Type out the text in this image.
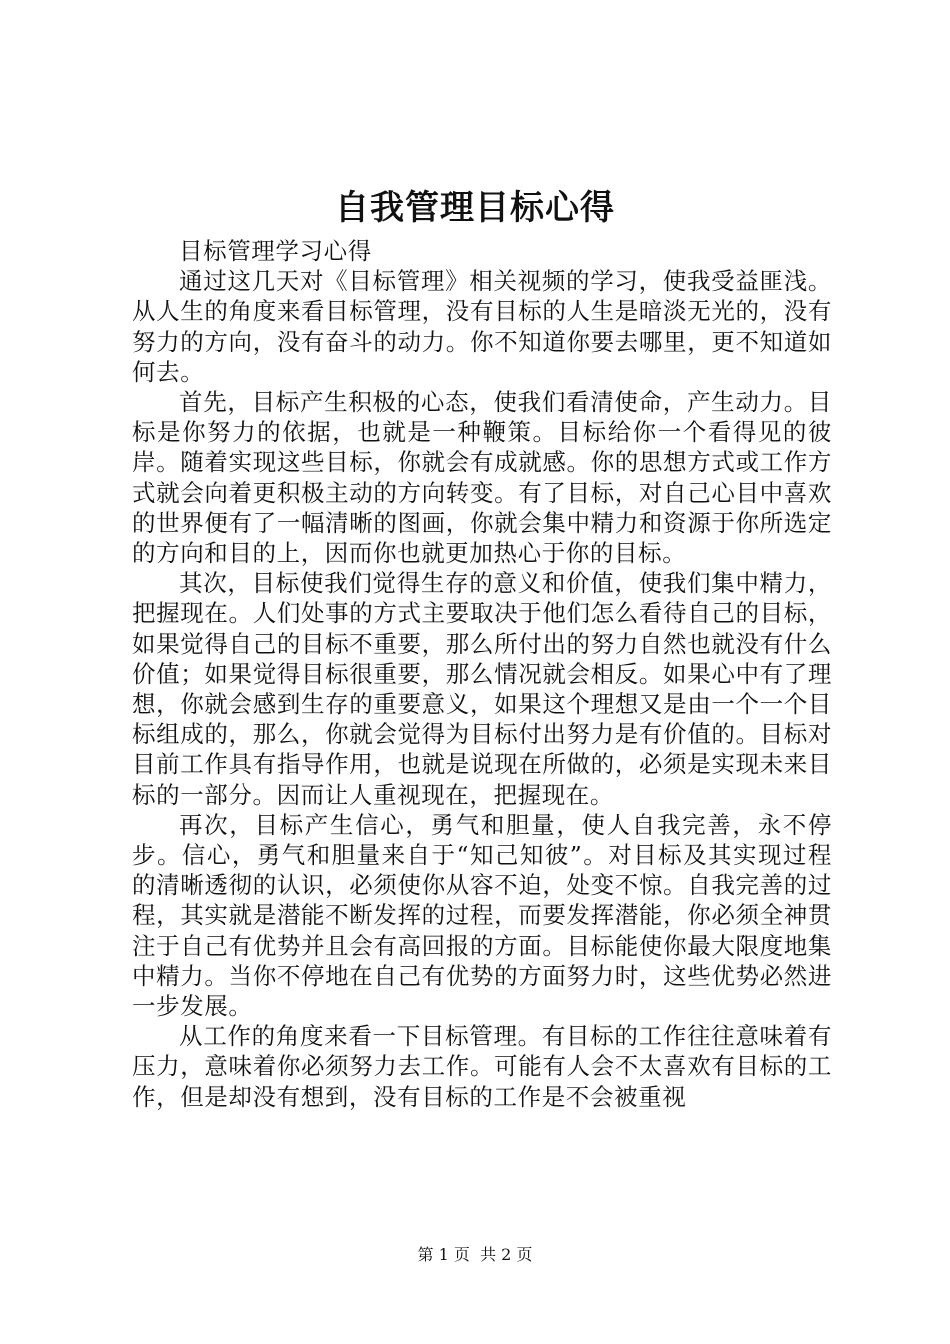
自我管理目标心得

目标管理学习心得

通过这几天对《目标管理》相关视频的学习，使我受益匪浅。从人生的角度来看目标管理，没有目标的人生是暗淡无光的，没有努力的方向，没有奋斗的动力。你不知道你要去哪里，更不知道如何去。

首先，目标产生积极的心态，使我们看清使命，产生动力。目标是你努力的依据，也就是一种鞭策。目标给你一个看得见的彼岸。随着实现这些目标，你就会有成就感。你的思想方式或工作方式就会向着更积极主动的方向转变。有了目标，对自己心目中喜欢的世界便有了一幅清晰的图画，你就会集中精力和资源于你所选定的方向和目的上，因而你也就更加热心于你的目标。

其次，目标使我们觉得生存的意义和价值，使我们集中精力，把握现在。人们处事的方式主要取决于他们怎么看待自己的目标，如果觉得自己的目标不重要，那么所付出的努力自然也就没有什么价值；如果觉得目标很重要，那么情况就会相反。如果心中有了理想，你就会感到生存的重要意义，如果这个理想又是由一个一个目标组成的，那么，你就会觉得为目标付出努力是有价值的。目标对目前工作具有指导作用，也就是说现在所做的，必须是实现未来目标的一部分。因而让人重视现在，把握现在。

再次，目标产生信心，勇气和胆量，使人自我完善，永不停步。信心，勇气和胆量来自于“知己知彼”。对目标及其实现过程的清晰透彻的认识，必须使你从容不迫，处变不惊。自我完善的过程，其实就是潜能不断发挥的过程，而要发挥潜能，你必须全神贯注于自己有优势并且会有高回报的方面。目标能使你最大限度地集中精力。当你不停地在自己有优势的方面努力时，这些优势必然进一步发展。

从工作的角度来看一下目标管理。有目标的工作往往意味着有压力，意味着你必须努力去工作。可能有人会不太喜欢有目标的工作，但是却没有想到，没有目标的工作是不会被重视

第 1 页 共 2 页
